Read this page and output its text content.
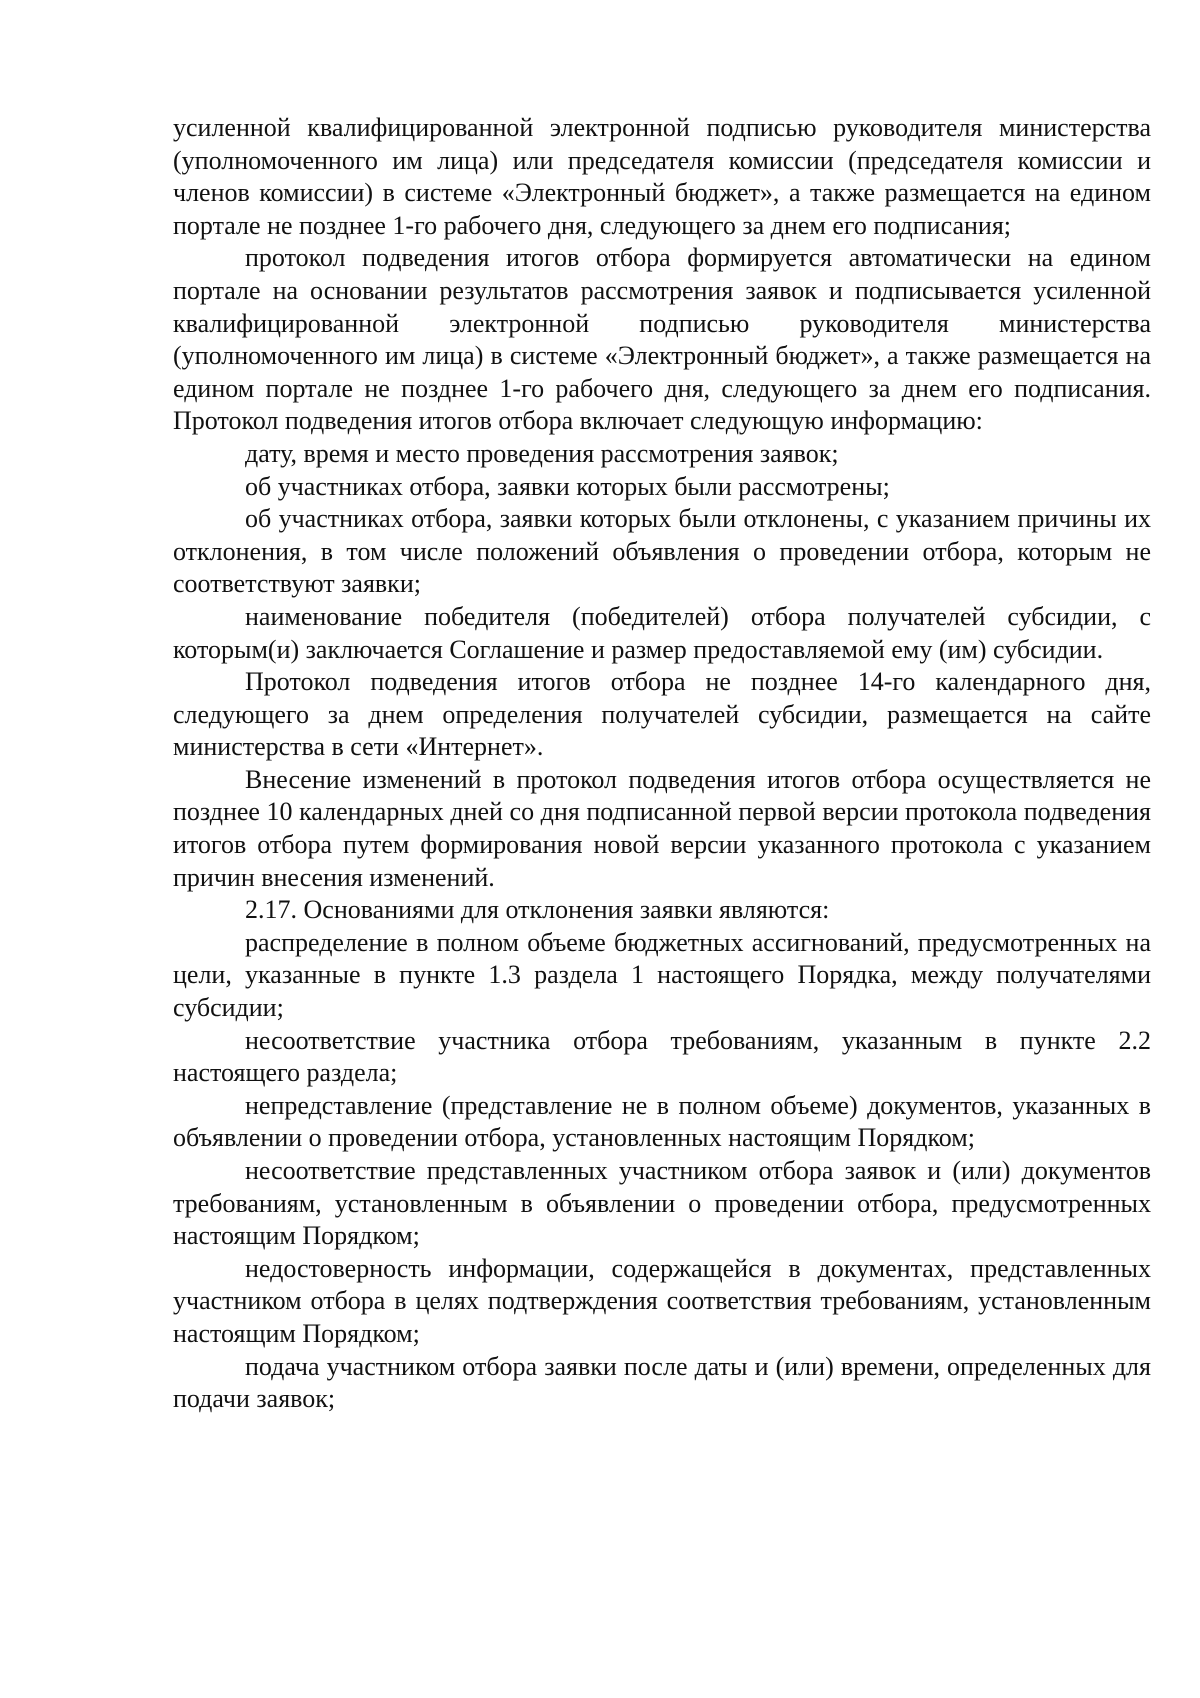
усиленной квалифицированной электронной подписью руководителя министерства (уполномоченного им лица) или председателя комиссии (председателя комиссии и членов комиссии) в системе «Электронный бюджет», а также размещается на едином портале не позднее 1-го рабочего дня, следующего за днем его подписания;

протокол подведения итогов отбора формируется автоматически на едином портале на основании результатов рассмотрения заявок и подписывается усиленной квалифицированной электронной подписью руководителя министерства (уполномоченного им лица) в системе «Электронный бюджет», а также размещается на едином портале не позднее 1-го рабочего дня, следующего за днем его подписания. Протокол подведения итогов отбора включает следующую информацию:

дату, время и место проведения рассмотрения заявок;

об участниках отбора, заявки которых были рассмотрены;

об участниках отбора, заявки которых были отклонены, с указанием причины их отклонения, в том числе положений объявления о проведении отбора, которым не соответствуют заявки;

наименование победителя (победителей) отбора получателей субсидии, с которым(и) заключается Соглашение и размер предоставляемой ему (им) субсидии.

Протокол подведения итогов отбора не позднее 14-го календарного дня, следующего за днем определения получателей субсидии, размещается на сайте министерства в сети «Интернет».

Внесение изменений в протокол подведения итогов отбора осуществляется не позднее 10 календарных дней со дня подписанной первой версии протокола подведения итогов отбора путем формирования новой версии указанного протокола с указанием причин внесения изменений.

2.17. Основаниями для отклонения заявки являются:

распределение в полном объеме бюджетных ассигнований, предусмотренных на цели, указанные в пункте 1.3 раздела 1 настоящего Порядка, между получателями субсидии;

несоответствие участника отбора требованиям, указанным в пункте 2.2 настоящего раздела;

непредставление (представление не в полном объеме) документов, указанных в объявлении о проведении отбора, установленных настоящим Порядком;

несоответствие представленных участником отбора заявок и (или) документов требованиям, установленным в объявлении о проведении отбора, предусмотренных настоящим Порядком;

недостоверность информации, содержащейся в документах, представленных участником отбора в целях подтверждения соответствия требованиям, установленным настоящим Порядком;

подача участником отбора заявки после даты и (или) времени, определенных для подачи заявок;
